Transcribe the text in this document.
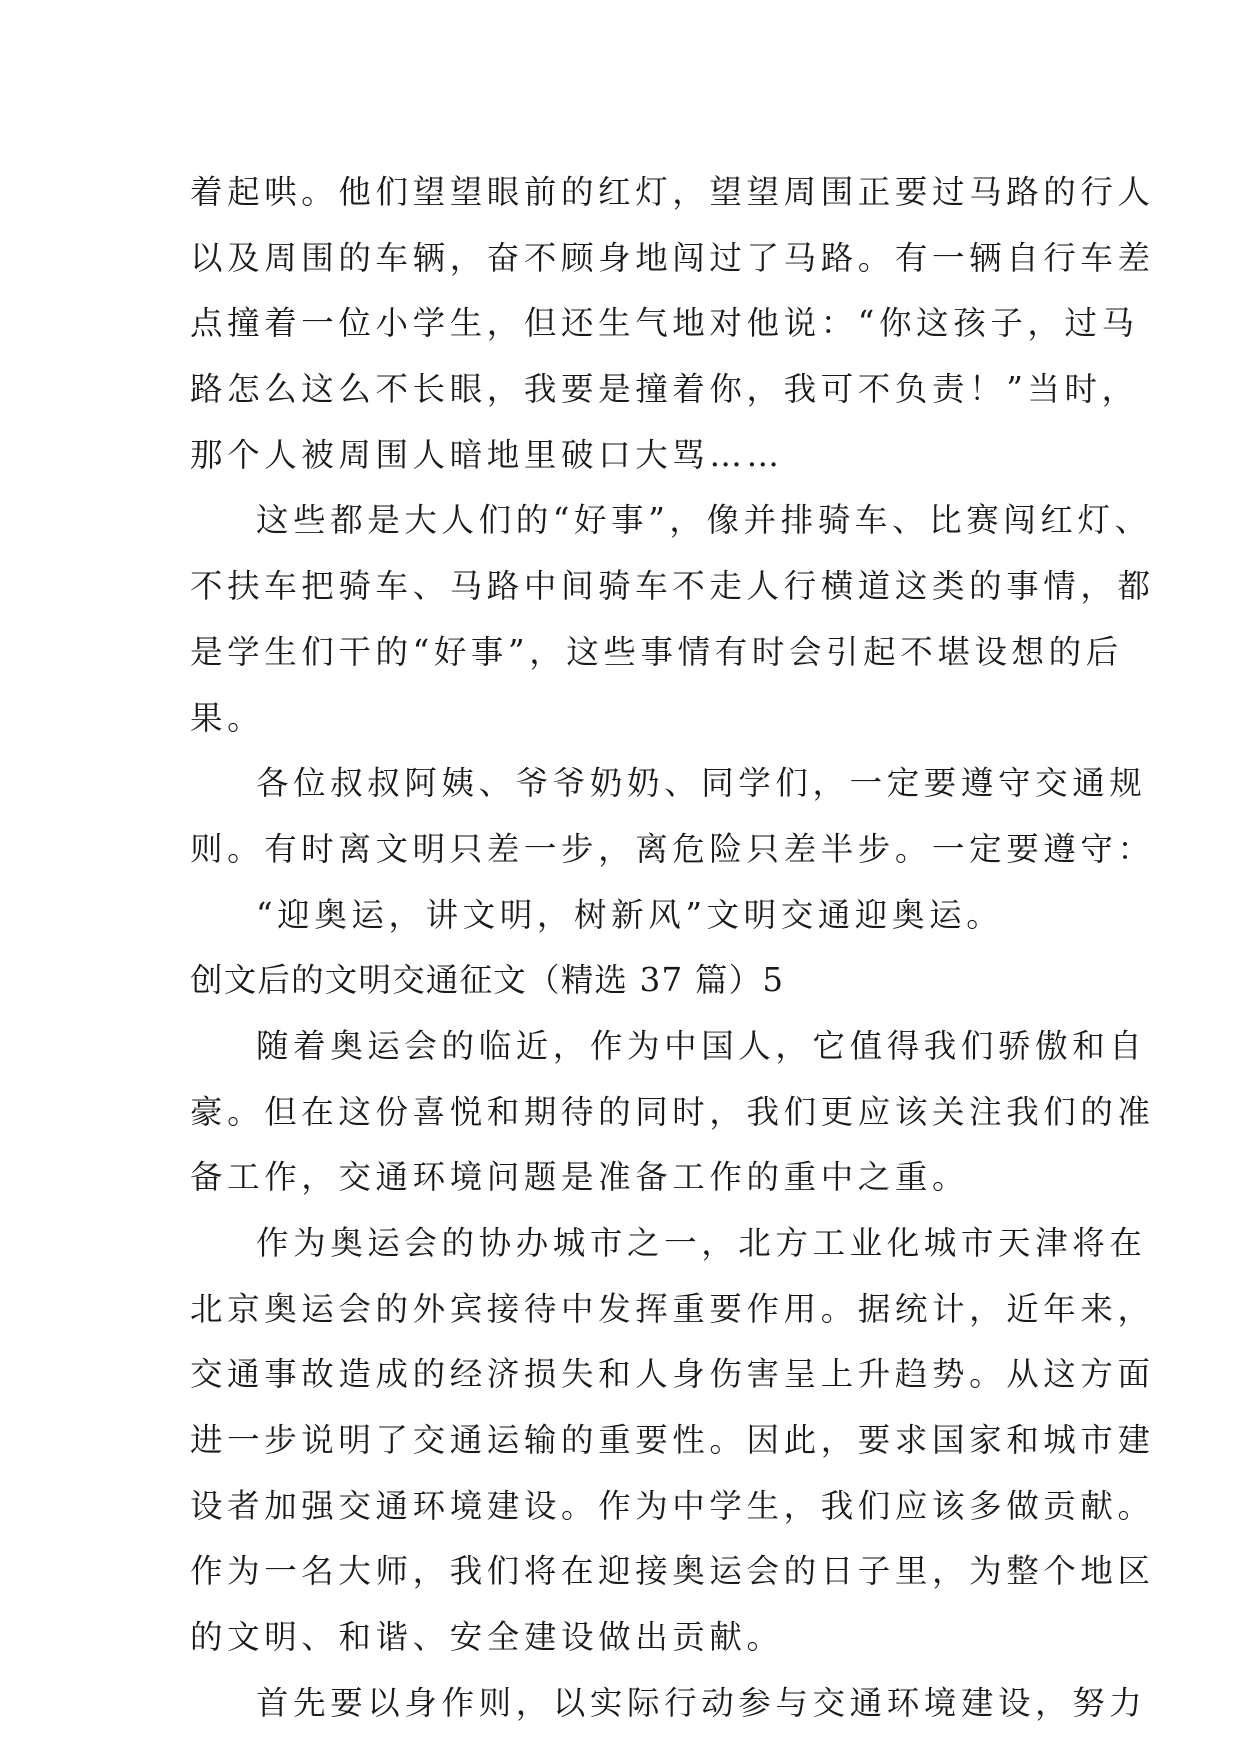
着起哄。他们望望眼前的红灯，望望周围正要过马路的行人
以及周围的车辆，奋不顾身地闯过了马路。有一辆自行车差
点撞着一位小学生，但还生气地对他说：“你这孩子，过马
路怎么这么不长眼，我要是撞着你，我可不负责！”当时，
那个人被周围人暗地里破口大骂……
这些都是大人们的“好事”，像并排骑车、比赛闯红灯、
不扶车把骑车、马路中间骑车不走人行横道这类的事情，都
是学生们干的“好事”，这些事情有时会引起不堪设想的后
果。
各位叔叔阿姨、爷爷奶奶、同学们，一定要遵守交通规
则。有时离文明只差一步，离危险只差半步。一定要遵守：
“迎奥运，讲文明，树新风”文明交通迎奥运。
创文后的文明交通征文（精选 37 篇）5
随着奥运会的临近，作为中国人，它值得我们骄傲和自
豪。但在这份喜悦和期待的同时，我们更应该关注我们的准
备工作，交通环境问题是准备工作的重中之重。
作为奥运会的协办城市之一，北方工业化城市天津将在
北京奥运会的外宾接待中发挥重要作用。据统计，近年来，
交通事故造成的经济损失和人身伤害呈上升趋势。从这方面
进一步说明了交通运输的重要性。因此，要求国家和城市建
设者加强交通环境建设。作为中学生，我们应该多做贡献。
作为一名大师，我们将在迎接奥运会的日子里，为整个地区
的文明、和谐、安全建设做出贡献。
首先要以身作则，以实际行动参与交通环境建设，努力
